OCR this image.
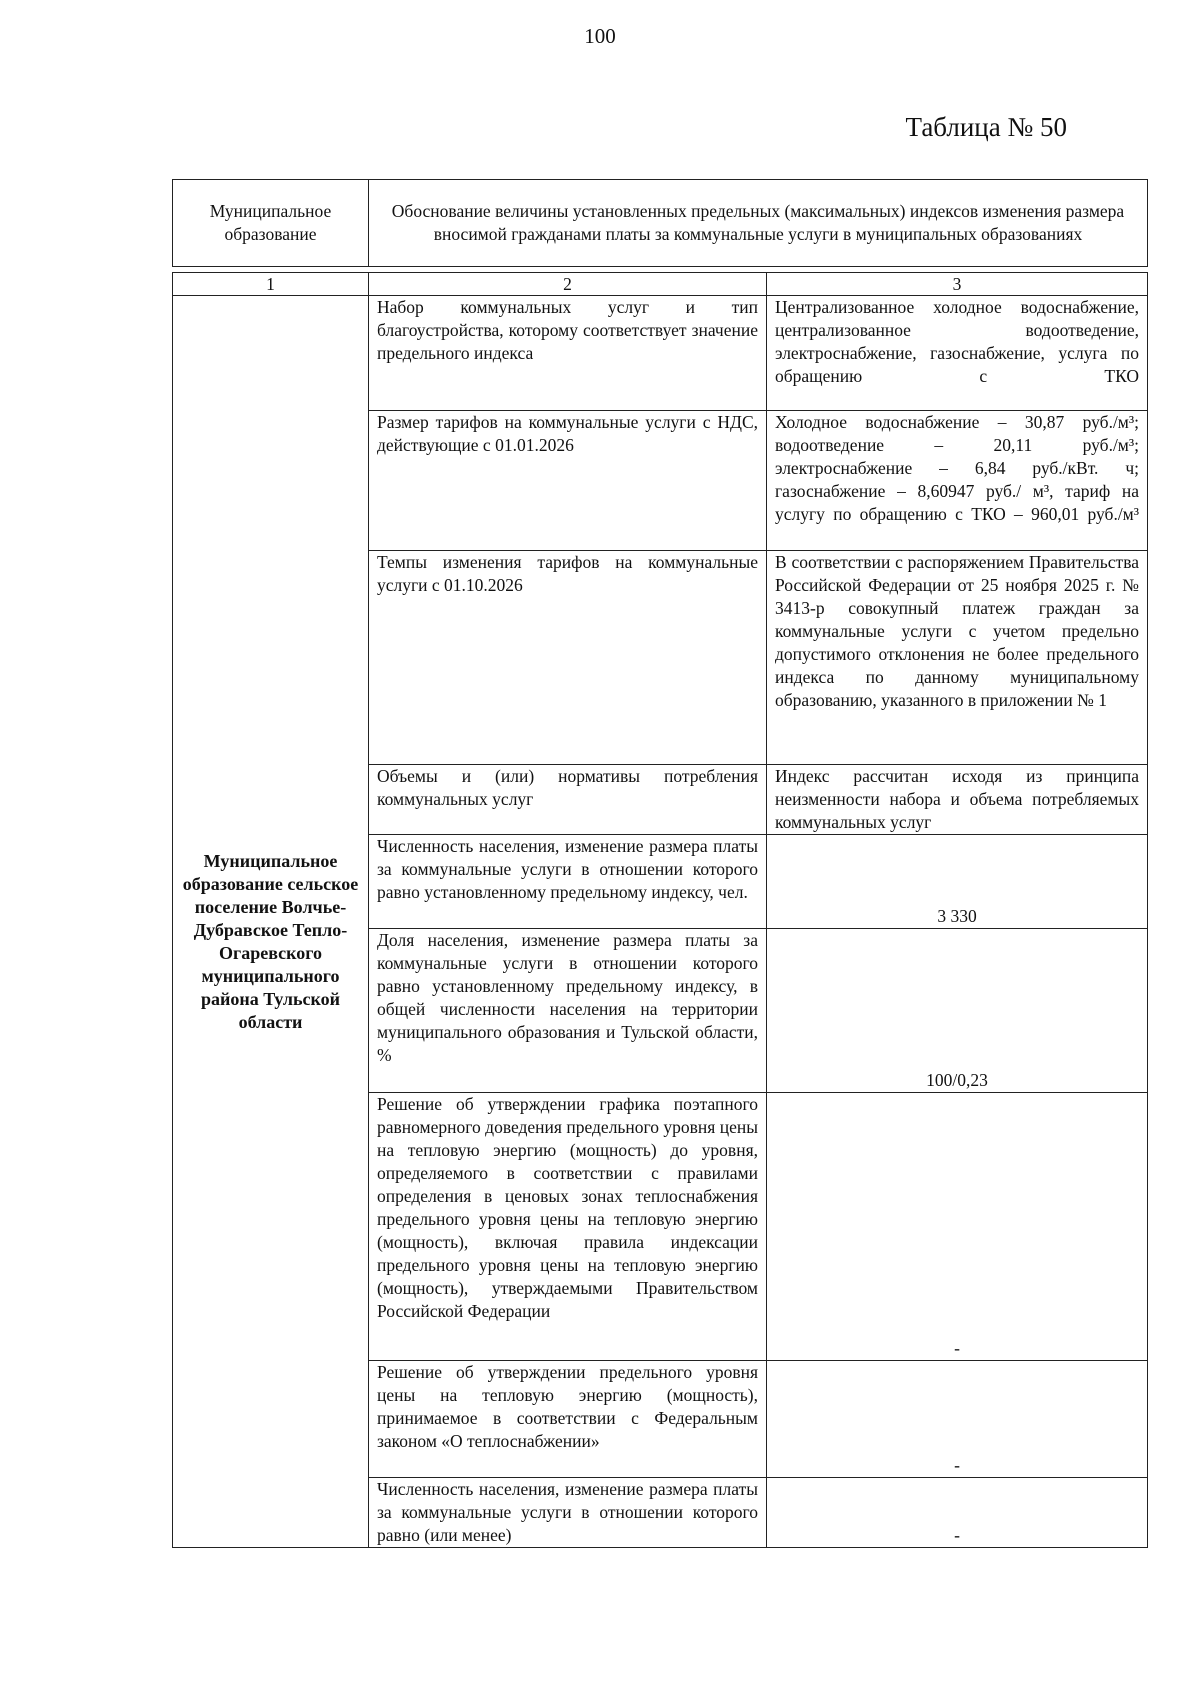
100
Таблица № 50
Муниципальное образование	Обоснование величины установленных предельных (максимальных) индексов изменения размера вносимой гражданами платы за коммунальные услуги в муниципальных образованиях
1	2	3
Муниципальное образование сельское поселение Волчье-Дубравское Тепло-Огаревского муниципального района Тульской области	Набор коммунальных услуг и тип благоустройства, которому соответствует значение предельного индекса	Централизованное холодное водоснабжение, централизованное водоотведение, электроснабжение, газоснабжение, услуга по обращению с ТКО
	Размер тарифов на коммунальные услуги с НДС, действующие с 01.01.2026	Холодное водоснабжение – 30,87 руб./м³; водоотведение – 20,11 руб./м³; электроснабжение – 6,84 руб./кВт. ч; газоснабжение – 8,60947 руб./ м³, тариф на услугу по обращению с ТКО – 960,01 руб./м³
	Темпы изменения тарифов на коммунальные услуги с 01.10.2026	В соответствии с распоряжением Правительства Российской Федерации от 25 ноября 2025 г. № 3413-р совокупный платеж граждан за коммунальные услуги с учетом предельно допустимого отклонения не более предельного индекса по данному муниципальному образованию, указанного в приложении № 1
	Объемы и (или) нормативы потребления коммунальных услуг	Индекс рассчитан исходя из принципа неизменности набора и объема потребляемых коммунальных услуг
	Численность населения, изменение размера платы за коммунальные услуги в отношении которого равно установленному предельному индексу, чел.	3 330
	Доля населения, изменение размера платы за коммунальные услуги в отношении которого равно установленному предельному индексу, в общей численности населения на территории муниципального образования и Тульской области, %	100/0,23
	Решение об утверждении графика поэтапного равномерного доведения предельного уровня цены на тепловую энергию (мощность) до уровня, определяемого в соответствии с правилами определения в ценовых зонах теплоснабжения предельного уровня цены на тепловую энергию (мощность), включая правила индексации предельного уровня цены на тепловую энергию (мощность), утверждаемыми Правительством Российской Федерации	-
	Решение об утверждении предельного уровня цены на тепловую энергию (мощность), принимаемое в соответствии с Федеральным законом «О теплоснабжении»	-
	Численность населения, изменение размера платы за коммунальные услуги в отношении которого равно (или менее)	-
